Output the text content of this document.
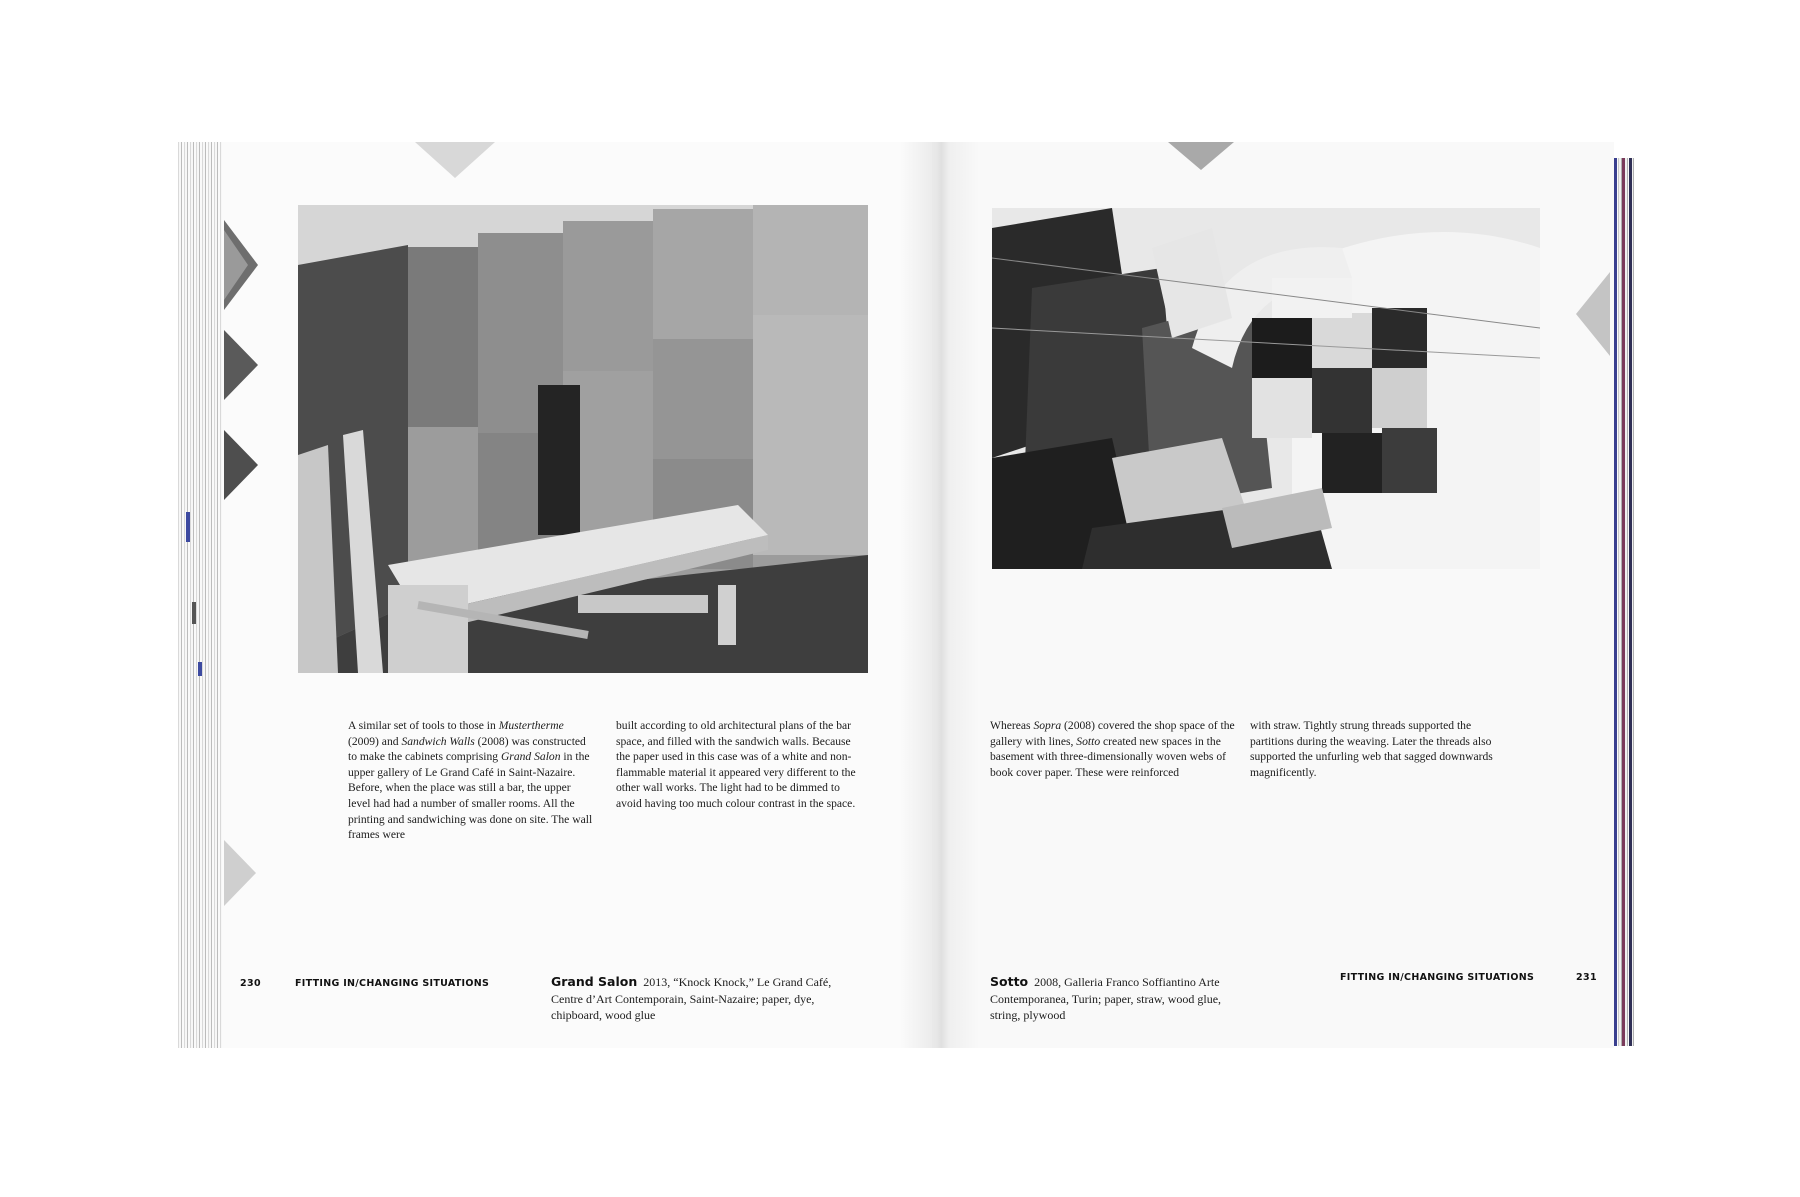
A similar set of tools to those in Mustertherme (2009) and Sandwich Walls (2008) was constructed to make the cabinets comprising Grand Salon in the upper gallery of Le Grand Café in Saint-Nazaire. Before, when the place was still a bar, the upper level had had a number of smaller rooms. All the printing and sandwiching was done on site. The wall frames were

built according to old architectural plans of the bar space, and filled with the sandwich walls. Because the paper used in this case was of a white and non-flammable material it appeared very different to the other wall works. The light had to be dimmed to avoid having too much colour contrast in the space.

Whereas Sopra (2008) covered the shop space of the gallery with lines, Sotto created new spaces in the basement with three-dimensionally woven webs of book cover paper. These were reinforced

with straw. Tightly strung threads supported the partitions during the weaving. Later the threads also supported the unfurling web that sagged downwards magnificently.

230	FITTING IN/CHANGING SITUATIONS	Grand Salon 2013, “Knock Knock,” Le Grand Café, Centre d’Art Contemporain, Saint-Nazaire; paper, dye, chipboard, wood glue
Sotto 2008, Galleria Franco Soffiantino Arte Contemporanea, Turin; paper, straw, wood glue, string, plywood
FITTING IN/CHANGING SITUATIONS	231
